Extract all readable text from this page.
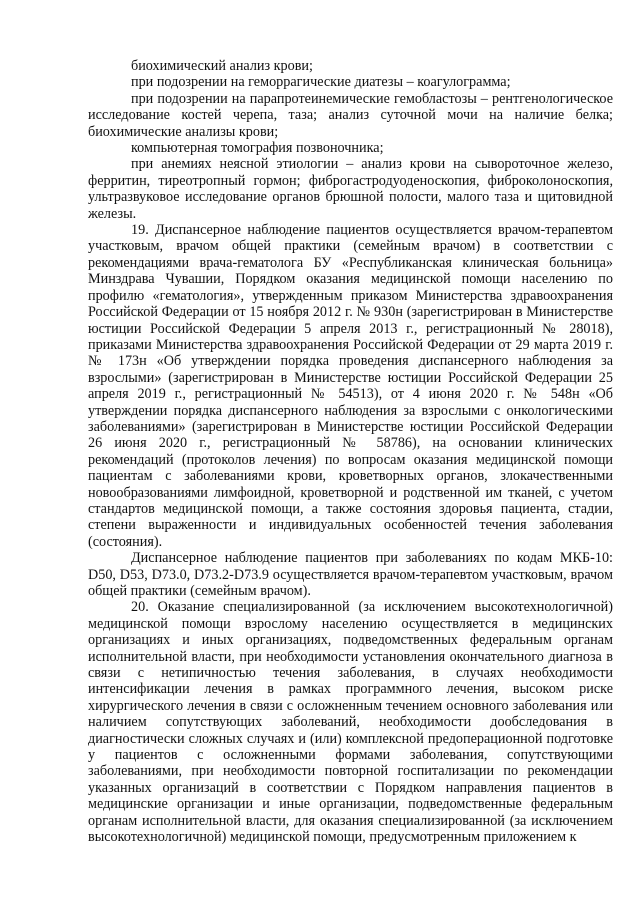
биохимический анализ крови;

при подозрении на геморрагические диатезы – коагулограмма;

при подозрении на парапротеинемические гемобластозы – рентгенологическое исследование костей черепа, таза; анализ суточной мочи на наличие белка; биохимические анализы крови;

компьютерная томография позвоночника;

при анемиях неясной этиологии – анализ крови на сывороточное железо, ферритин, тиреотропный гормон; фиброгастродуоденоскопия, фиброколоноскопия, ультразвуковое исследование органов брюшной полости, малого таза и щитовидной железы.

19. Диспансерное наблюдение пациентов осуществляется врачом-терапевтом участковым, врачом общей практики (семейным врачом) в соответствии с рекомендациями врача-гематолога БУ «Республиканская клиническая больница» Минздрава Чувашии, Порядком оказания медицинской помощи населению по профилю «гематология», утвержденным приказом Министерства здравоохранения Российской Федерации от 15 ноября 2012 г. № 930н (зарегистрирован в Министерстве юстиции Российской Федерации 5 апреля 2013 г., регистрационный № 28018), приказами Министерства здравоохранения Российской Федерации от 29 марта 2019 г. № 173н «Об утверждении порядка проведения диспансерного наблюдения за взрослыми» (зарегистрирован в Министерстве юстиции Российской Федерации 25 апреля 2019 г., регистрационный № 54513), от 4 июня 2020 г. № 548н «Об утверждении порядка диспансерного наблюдения за взрослыми с онкологическими заболеваниями» (зарегистрирован в Министерстве юстиции Российской Федерации 26 июня 2020 г., регистрационный № 58786), на основании клинических рекомендаций (протоколов лечения) по вопросам оказания медицинской помощи пациентам с заболеваниями крови, кроветворных органов, злокачественными новообразованиями лимфоидной, кроветворной и родственной им тканей, с учетом стандартов медицинской помощи, а также состояния здоровья пациента, стадии, степени выраженности и индивидуальных особенностей течения заболевания (состояния).

Диспансерное наблюдение пациентов при заболеваниях по кодам МКБ-10: D50, D53, D73.0, D73.2-D73.9 осуществляется врачом-терапевтом участковым, врачом общей практики (семейным врачом).

20. Оказание специализированной (за исключением высокотехнологичной) медицинской помощи взрослому населению осуществляется в медицинских организациях и иных организациях, подведомственных федеральным органам исполнительной власти, при необходимости установления окончательного диагноза в связи с нетипичностью течения заболевания, в случаях необходимости интенсификации лечения в рамках программного лечения, высоком риске хирургического лечения в связи с осложненным течением основного заболевания или наличием сопутствующих заболеваний, необходимости дообследования в диагностически сложных случаях и (или) комплексной предоперационной подготовке у пациентов с осложненными формами заболевания, сопутствующими заболеваниями, при необходимости повторной госпитализации по рекомендации указанных организаций в соответствии с Порядком направления пациентов в медицинские организации и иные организации, подведомственные федеральным органам исполнительной власти, для оказания специализированной (за исключением высокотехнологичной) медицинской помощи, предусмотренным приложением к
